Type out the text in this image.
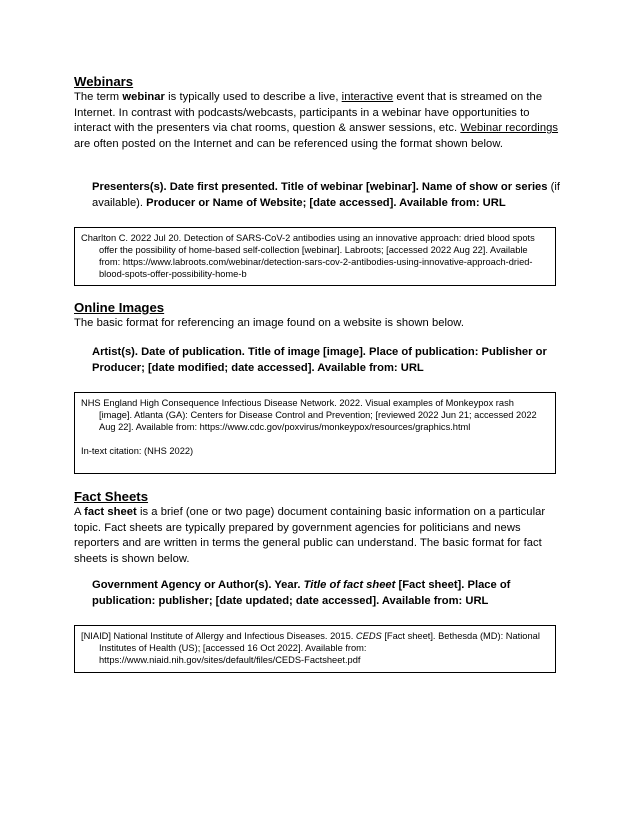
Webinars

The term webinar is typically used to describe a live, interactive event that is streamed on the Internet. In contrast with podcasts/webcasts, participants in a webinar have opportunities to interact with the presenters via chat rooms, question & answer sessions, etc. Webinar recordings are often posted on the Internet and can be referenced using the format shown below.

Presenters(s). Date first presented. Title of webinar [webinar]. Name of show or series (if available). Producer or Name of Website; [date accessed]. Available from: URL

Charlton C. 2022 Jul 20. Detection of SARS-CoV-2 antibodies using an innovative approach: dried blood spots offer the possibility of home-based self-collection [webinar]. Labroots; [accessed 2022 Aug 22]. Available from: https://www.labroots.com/webinar/detection-sars-cov-2-antibodies-using-innovative-approach-dried-blood-spots-offer-possibility-home-b

Online Images

The basic format for referencing an image found on a website is shown below.

Artist(s). Date of publication. Title of image [image]. Place of publication: Publisher or Producer; [date modified; date accessed]. Available from: URL

NHS England High Consequence Infectious Disease Network. 2022. Visual examples of Monkeypox rash [image]. Atlanta (GA): Centers for Disease Control and Prevention; [reviewed 2022 Jun 21; accessed 2022 Aug 22]. Available from: https://www.cdc.gov/poxvirus/monkeypox/resources/graphics.html

In-text citation: (NHS 2022)

Fact Sheets

A fact sheet is a brief (one or two page) document containing basic information on a particular topic. Fact sheets are typically prepared by government agencies for politicians and news reporters and are written in terms the general public can understand. The basic format for fact sheets is shown below.

Government Agency or Author(s). Year. Title of fact sheet [Fact sheet]. Place of publication: publisher; [date updated; date accessed]. Available from: URL

[NIAID] National Institute of Allergy and Infectious Diseases. 2015. CEDS [Fact sheet]. Bethesda (MD): National Institutes of Health (US); [accessed 16 Oct 2022]. Available from: https://www.niaid.nih.gov/sites/default/files/CEDS-Factsheet.pdf
